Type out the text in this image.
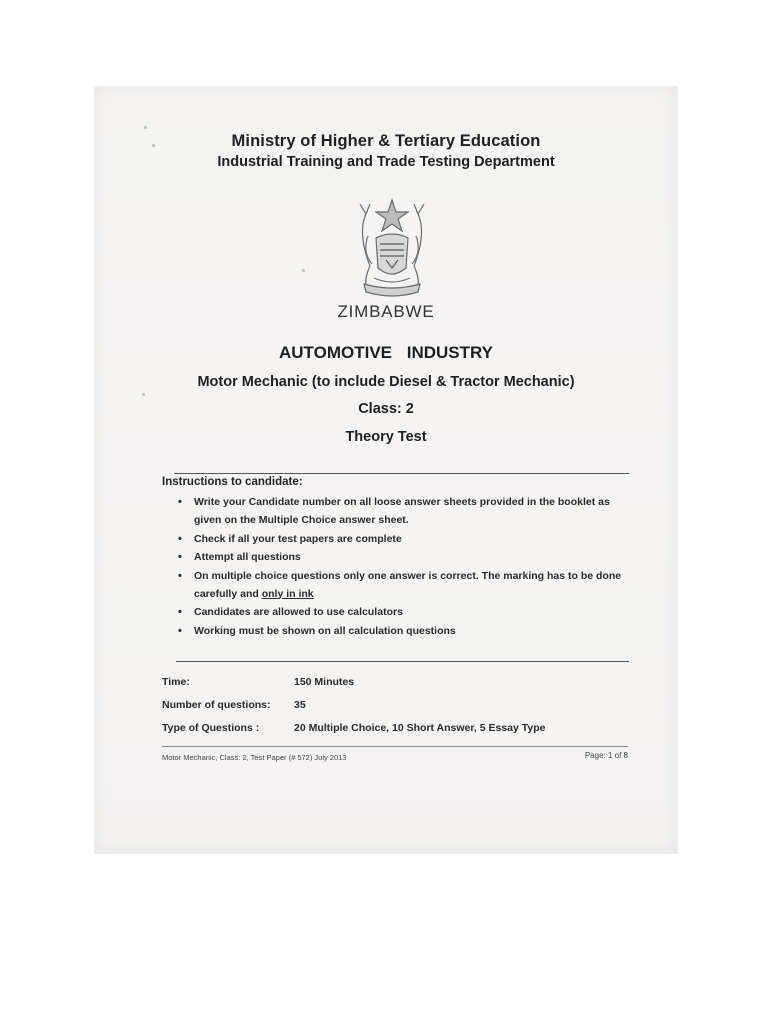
Ministry of Higher & Tertiary Education
Industrial Training and Trade Testing Department
ZIMBABWE
AUTOMOTIVE INDUSTRY
Motor Mechanic (to include Diesel & Tractor Mechanic)
Class: 2
Theory Test
Instructions to candidate:
• Write your Candidate number on all loose answer sheets provided in the booklet as given on the Multiple Choice answer sheet.
• Check if all your test papers are complete
• Attempt all questions
• On multiple choice questions only one answer is correct. The marking has to be done carefully and only in ink
• Candidates are allowed to use calculators
• Working must be shown on all calculation questions
Time:	150 Minutes
Number of questions: 35
Type of Questions :	20 Multiple Choice, 10 Short Answer, 5 Essay Type
Motor Mechanic, Class: 2, Test Paper (# 572) July 2013	Page: 1 of 8
